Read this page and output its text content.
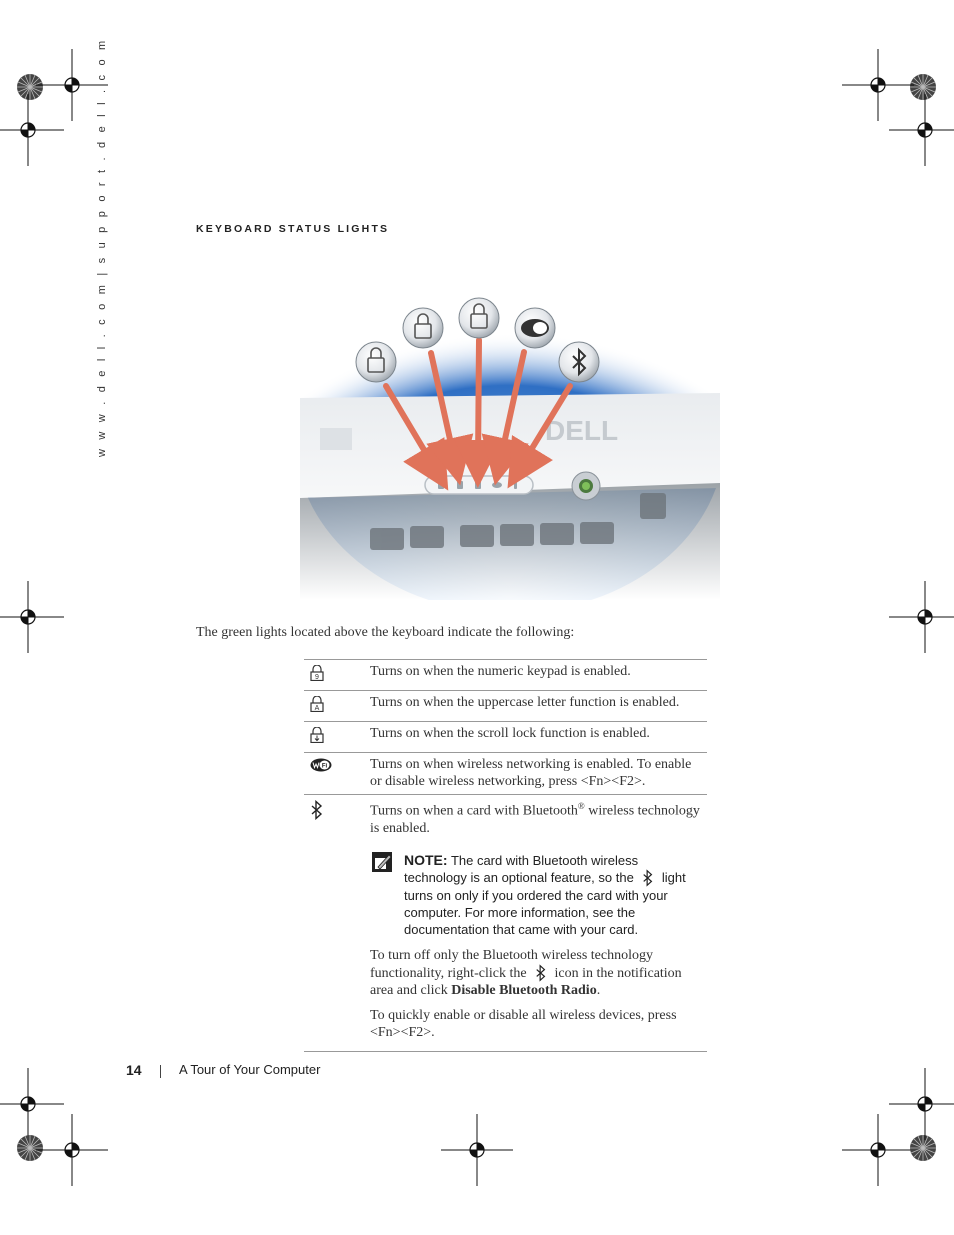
w w w . d e l l . c o m | s u p p o r t . d e l l . c o m	KEYBOARD STATUS LIGHTS
DELL
The green lights located above the keyboard indicate the following:
9	Turns on when the numeric keypad is enabled.

A	Turns on when the uppercase letter function is enabled.
	Turns on when the scroll lock function is enabled.

Fi	Turns on when wireless networking is enabled. To enable or disable wireless networking, press <Fn><F2>.

Turns on when a card with Bluetooth® wireless technology is enabled.
NOTE: The card with Bluetooth wireless technology is an optional feature, so the light turns on only if you ordered the card with your computer. For more information, see the documentation that came with your card.
To turn off only the Bluetooth wireless technology functionality, right-click the icon in the notification area and click Disable Bluetooth Radio.
To quickly enable or disable all wireless devices, press <Fn><F2>.
14	A Tour of Your Computer
